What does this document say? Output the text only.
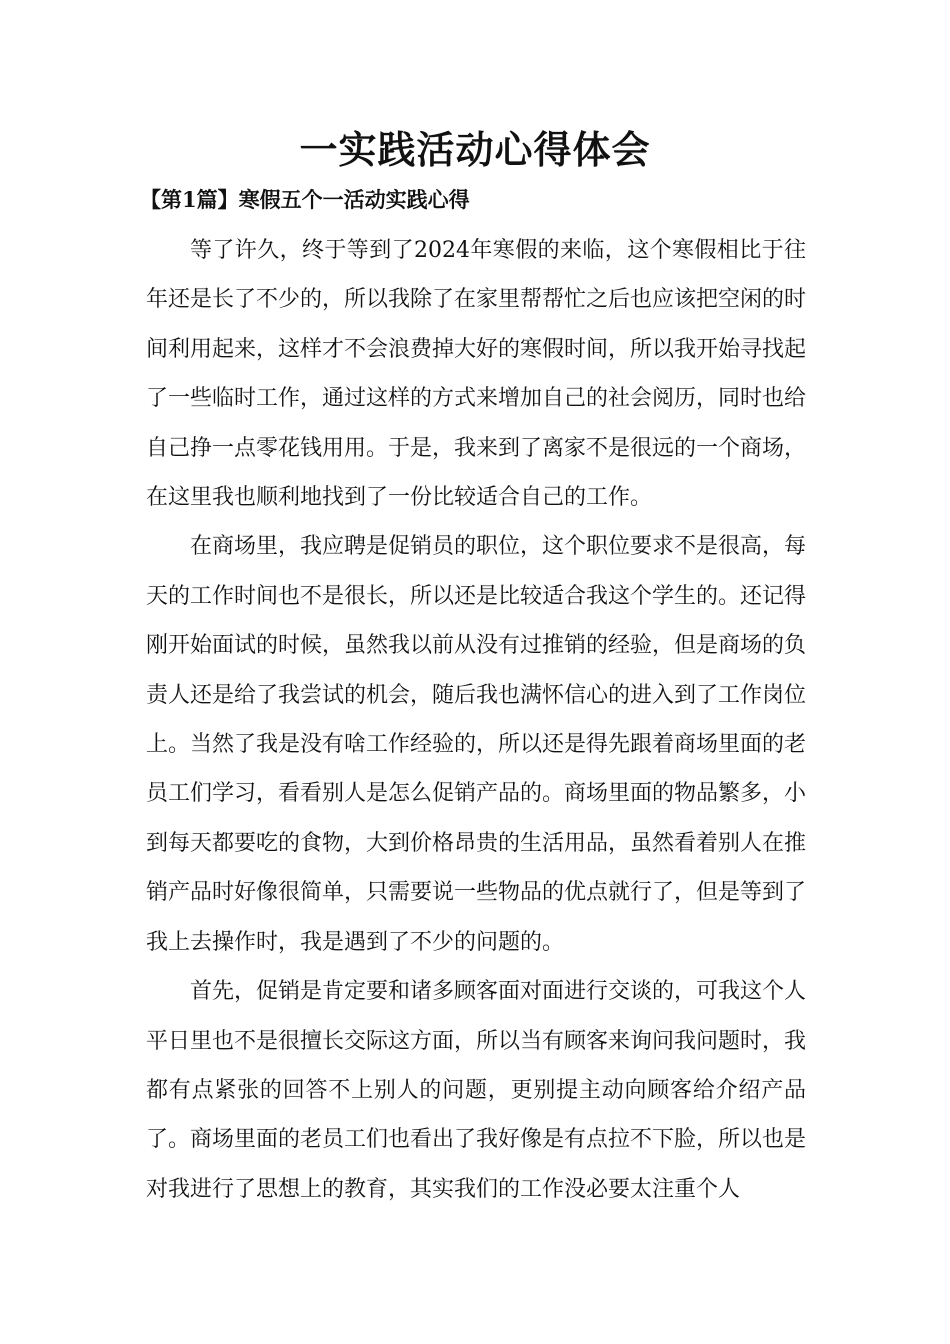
一实践活动心得体会
【第1篇】寒假五个一活动实践心得

等了许久，终于等到了2024年寒假的来临，这个寒假相比于往年还是长了不少的，所以我除了在家里帮帮忙之后也应该把空闲的时间利用起来，这样才不会浪费掉大好的寒假时间，所以我开始寻找起了一些临时工作，通过这样的方式来增加自己的社会阅历，同时也给自己挣一点零花钱用用。于是，我来到了离家不是很远的一个商场，在这里我也顺利地找到了一份比较适合自己的工作。

在商场里，我应聘是促销员的职位，这个职位要求不是很高，每天的工作时间也不是很长，所以还是比较适合我这个学生的。还记得刚开始面试的时候，虽然我以前从没有过推销的经验，但是商场的负责人还是给了我尝试的机会，随后我也满怀信心的进入到了工作岗位上。当然了我是没有啥工作经验的，所以还是得先跟着商场里面的老员工们学习，看看别人是怎么促销产品的。商场里面的物品繁多，小到每天都要吃的食物，大到价格昂贵的生活用品，虽然看着别人在推销产品时好像很简单，只需要说一些物品的优点就行了，但是等到了我上去操作时，我是遇到了不少的问题的。

首先，促销是肯定要和诸多顾客面对面进行交谈的，可我这个人平日里也不是很擅长交际这方面，所以当有顾客来询问我问题时，我都有点紧张的回答不上别人的问题，更别提主动向顾客给介绍产品了。商场里面的老员工们也看出了我好像是有点拉不下脸，所以也是对我进行了思想上的教育，其实我们的工作没必要太注重个人
